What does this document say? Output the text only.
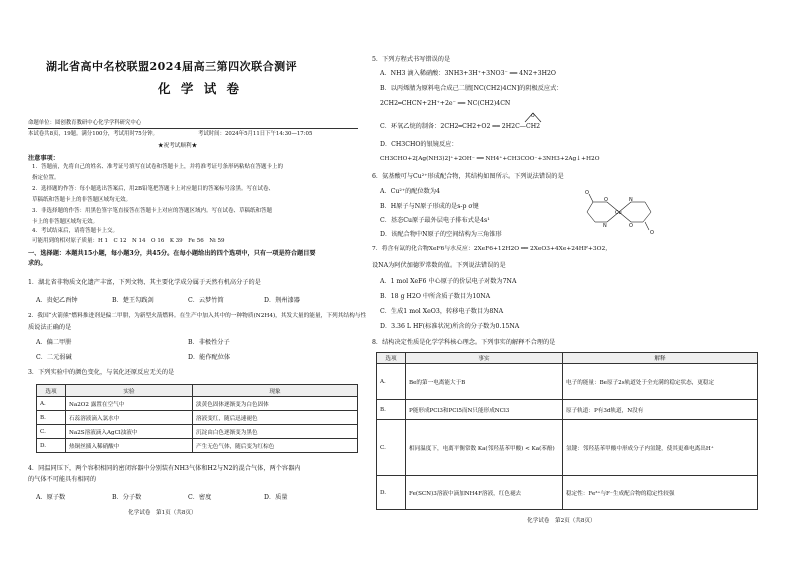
湖北省高中名校联盟2024届高三第四次联合测评
化 学 试 卷
命题单位：圆创教育教研中心化学学科研究中心
本试卷共8页，19题。满分100分，考试用时75分钟。	考试时间：2024年5月11日下午14:30—17:05
★祝考试顺利★
注意事项：
1．答题前，先将自己的姓名、准考证号填写在试卷和答题卡上，并将准考证号条形码粘贴在答题卡上的
指定位置。
2．选择题的作答：每小题选出答案后，用2B铅笔把答题卡上对应题目的答案标号涂黑。写在试卷、
草稿纸和答题卡上的非答题区域均无效。
3．非选择题的作答：用黑色签字笔直接答在答题卡上对应的答题区域内。写在试卷、草稿纸和答题
卡上的非答题区域均无效。
4．考试结束后，请将答题卡上交。
可能用到的相对原子质量：H 1　C 12　N 14　O 16　K 39　Fe 56　Ni 59
一、选择题：本题共15小题，每小题3分，共45分。在每小题给出的四个选项中，只有一项是符合题目要
求的。
1．湖北省非物质文化遗产丰富，下列文物、其主要化学成分属于天然有机高分子的是
A．贵妃乙酉钟	B．楚王勾践剑	C．云梦竹简	D．荆州漆器
2．我国“火箭熊”燃料推进剂是偏二甲肼，为新型火箭燃料。在生产中加入其中的一种物质(N2H4)，其发大量的能量，下列其结构与性
质说法正确的是
A．偏二甲肼	B．非极性分子
C．二元弱碱	D．能作配位体
3．下列实验中的颜色变化，与氧化还原反应无关的是
选项	实验	现象
A.	Na2O2 露置在空气中	淡黄色固体逐渐变为白色固体
B.	石蕊溶液滴入氯水中	溶液变红，随后迅速褪色
C.	Na2S溶液滴入AgCl浊液中	沉淀由白色逐渐变为黑色
D.	热铜丝插入稀硝酸中	产生无色气体，随后变为红棕色
4．同温同压下，两个容积相同的密闭容器中分别装有NH3气体和H2与N2的混合气体，两个容器内
的气体不可能具有相同的
A．原子数	B．分子数	C．密度	D．质量
化学试卷　第1页（共8页）
5．下列方程式书写错误的是
A．NH3 滴入稀硝酸：3NH3+3H⁺+3NO3⁻ ══ 4N2+3H2O
B．以丙烯腈为原料电合成己二腈[NC(CH2)4CN]的阴极反应式：
2CH2═CHCN+2H⁺+2e⁻ ══ NC(CH2)4CN
C．环氧乙烷的制备：2CH2═CH2+O2 ══ 2H2C—CH2
O
D．CH3CHO的银镜反应：
CH3CHO+2[Ag(NH3)2]⁺+2OH⁻ ══ NH4⁺+CH3COO⁻+3NH3+2Ag↓+H2O
6．氨基酸可与Cu²⁺形成配合物，其结构如图所示。下列说法错误的是
A．Cu²⁺的配位数为4
B．H原子与N原子形成的是s-p σ键
C．基态Cu原子最外层电子排布式是4s¹
D．该配合物中N原子的空间结构为三角锥形
Cu
O
N
N
O
O
O
7．将含有氙的化合物XeF6与水反应：2XeF6+12H2O ══ 2XeO3+4Xe+24HF+3O2，
设NA为阿伏加德罗常数的值。下列说法错误的是
A．1 mol XeF6 中心原子的价层电子对数为7NA
B．18 g H2O 中所含质子数目为10NA
C．生成1 mol XeO3，转移电子数目为8NA
D．3.36 L HF(标准状况)所含的分子数为0.15NA
8．结构决定性质是化学学科核心理念。下列事实的解释不合理的是
选项	事实	解释
A.	Be的第一电离能大于B	电子的能量：Be原子2s轨道处于全充满的稳定状态，更稳定
B.	P能形成PCl3和PCl5而N只能形成NCl3	原子轨道：P有3d轨道，N没有
C.	相同温度下，电离平衡常数 Ka(邻羟基苯甲酸) < Ka(苯酚)	氢键：邻羟基苯甲酸中形成分子内氢键，使其更难电离出H⁺
D.	Fe(SCN)3溶液中滴加NH4F溶液，红色褪去	稳定性：Fe³⁺与F⁻生成配合物的稳定性较强
化学试卷　第2页（共8页）
